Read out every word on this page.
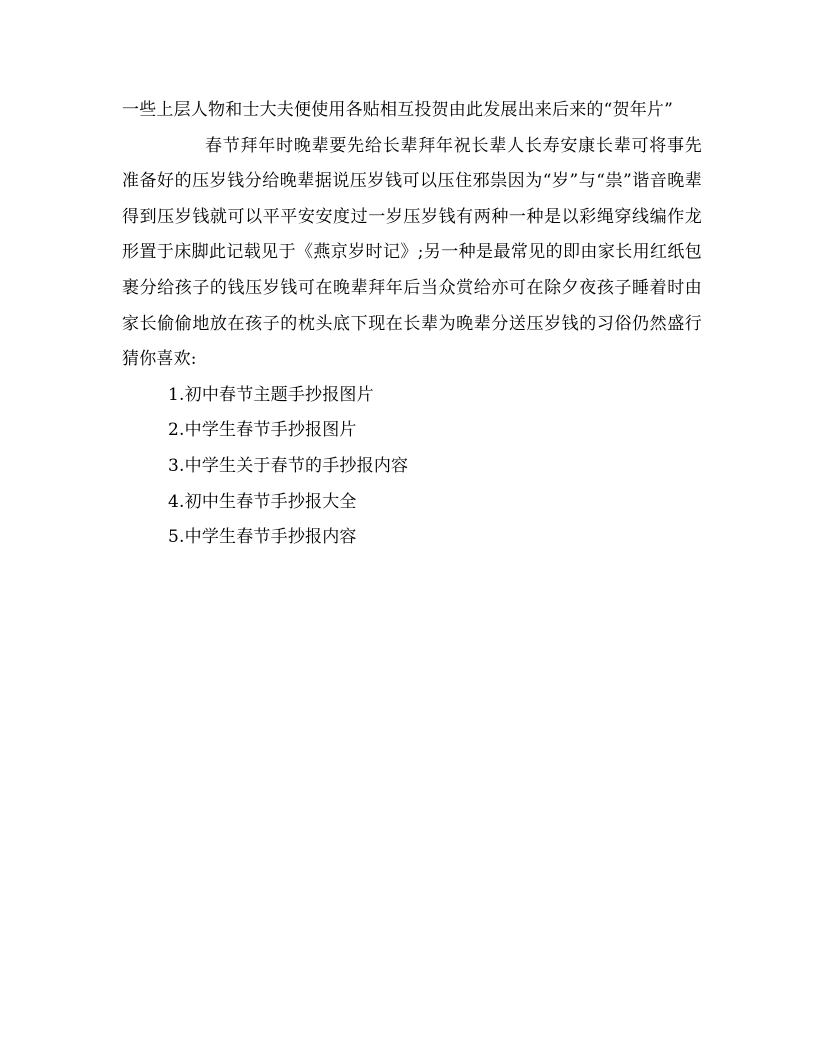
一些上层人物和士大夫便使用各贴相互投贺由此发展出来后来的“贺年片”

春节拜年时晚辈要先给长辈拜年祝长辈人长寿安康长辈可将事先准备好的压岁钱分给晚辈据说压岁钱可以压住邪祟因为“岁”与“祟”谐音晚辈得到压岁钱就可以平平安安度过一岁压岁钱有两种一种是以彩绳穿线编作龙形置于床脚此记载见于《燕京岁时记》;另一种是最常见的即由家长用红纸包裹分给孩子的钱压岁钱可在晚辈拜年后当众赏给亦可在除夕夜孩子睡着时由家长偷偷地放在孩子的枕头底下现在长辈为晚辈分送压岁钱的习俗仍然盛行猜你喜欢:

1.初中春节主题手抄报图片
2.中学生春节手抄报图片
3.中学生关于春节的手抄报内容
4.初中生春节手抄报大全
5.中学生春节手抄报内容
